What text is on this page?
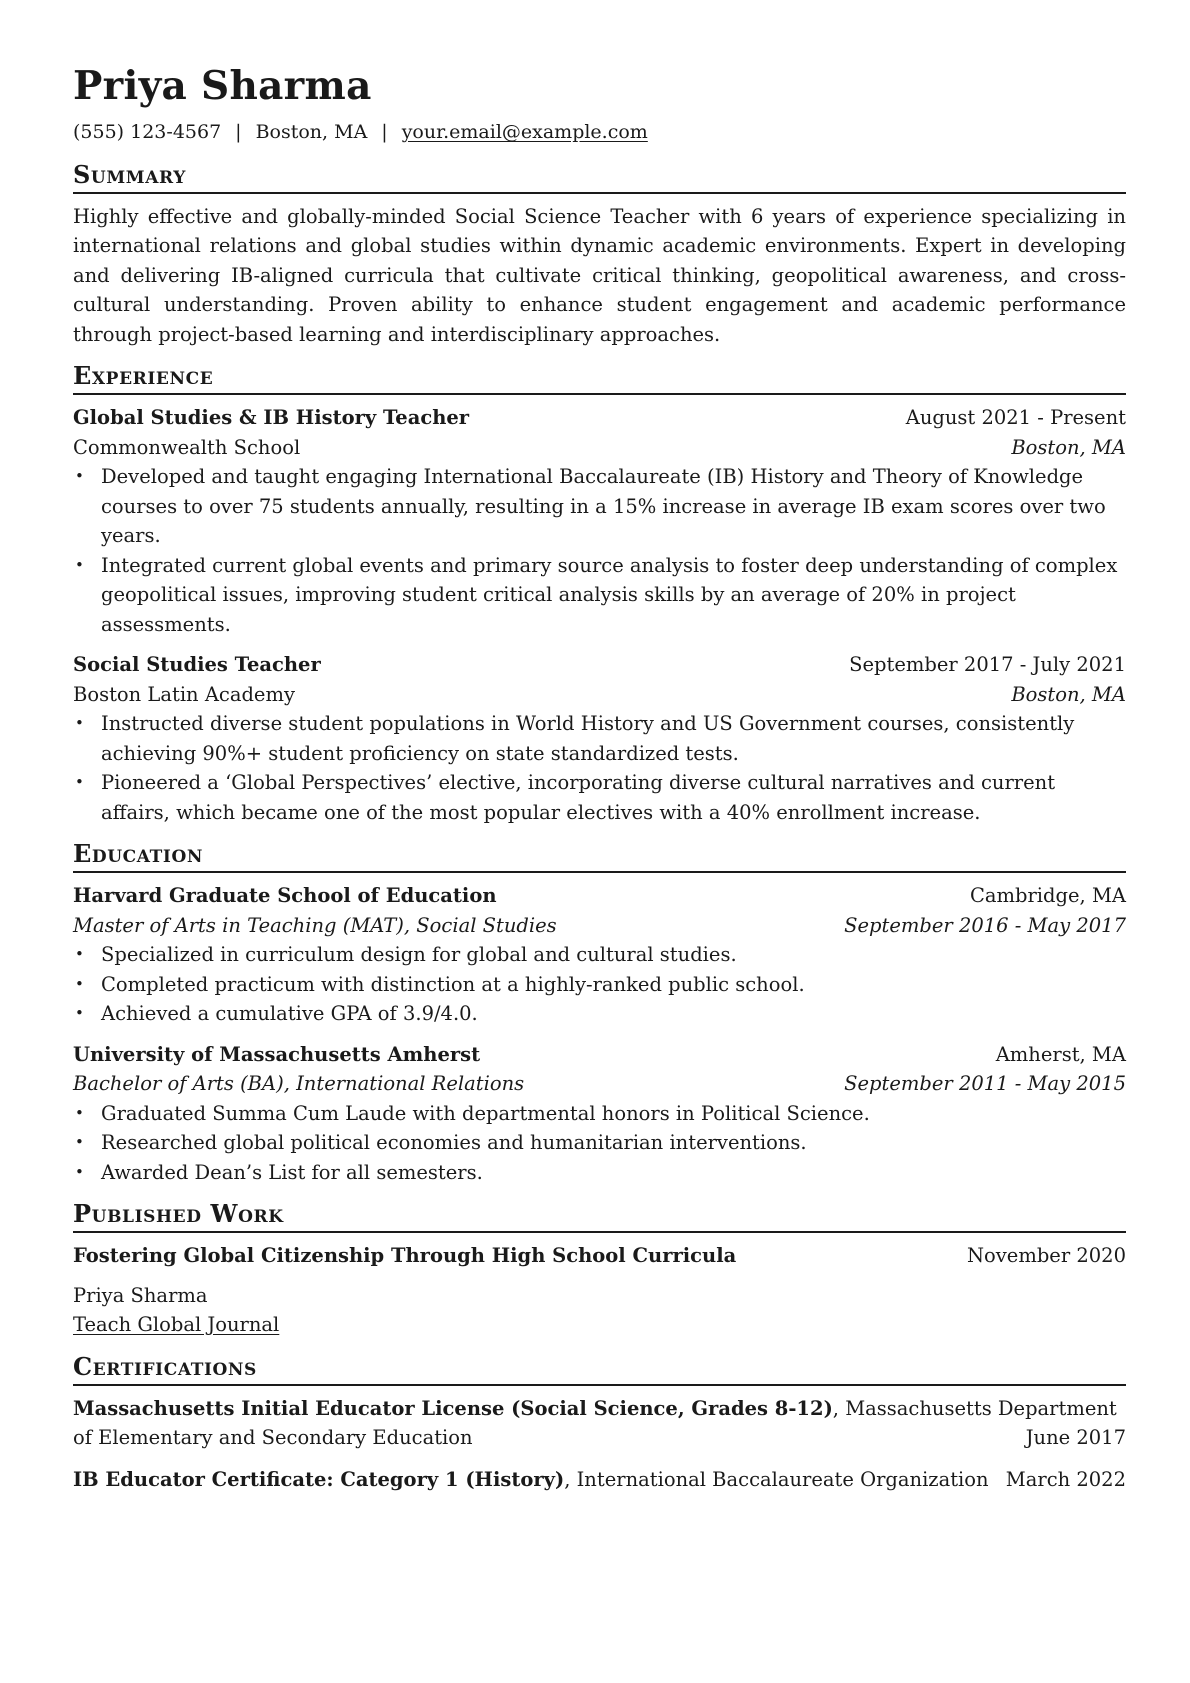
Priya Sharma
(555) 123-4567 | Boston, MA | your.email@example.com
Summary
Highly effective and globally-minded Social Science Teacher with 6 years of experience specializing in international relations and global studies within dynamic academic environments. Expert in developing and delivering IB-aligned curricula that cultivate critical thinking, geopolitical awareness, and cross-cultural understanding. Proven ability to enhance student engagement and academic performance through project-based learning and interdisciplinary approaches.
Experience
Global Studies & IB History Teacher	August 2021 - Present
Commonwealth School	Boston, MA
• Developed and taught engaging International Baccalaureate (IB) History and Theory of Knowledge courses to over 75 students annually, resulting in a 15% increase in average IB exam scores over two years.
• Integrated current global events and primary source analysis to foster deep understanding of complex geopolitical issues, improving student critical analysis skills by an average of 20% in project assessments.
Social Studies Teacher	September 2017 - July 2021
Boston Latin Academy	Boston, MA
• Instructed diverse student populations in World History and US Government courses, consistently achieving 90%+ student proficiency on state standardized tests.
• Pioneered a ‘Global Perspectives’ elective, incorporating diverse cultural narratives and current affairs, which became one of the most popular electives with a 40% enrollment increase.
Education
Harvard Graduate School of Education	Cambridge, MA
Master of Arts in Teaching (MAT), Social Studies	September 2016 - May 2017
• Specialized in curriculum design for global and cultural studies.
• Completed practicum with distinction at a highly-ranked public school.
• Achieved a cumulative GPA of 3.9/4.0.
University of Massachusetts Amherst	Amherst, MA
Bachelor of Arts (BA), International Relations	September 2011 - May 2015
• Graduated Summa Cum Laude with departmental honors in Political Science.
• Researched global political economies and humanitarian interventions.
• Awarded Dean’s List for all semesters.
Published Work
Fostering Global Citizenship Through High School Curricula	November 2020
Priya Sharma
Teach Global Journal
Certifications
Massachusetts Initial Educator License (Social Science, Grades 8-12), Massachusetts Department of Elementary and Secondary Education	June 2017
IB Educator Certificate: Category 1 (History), International Baccalaureate Organization March 2022
